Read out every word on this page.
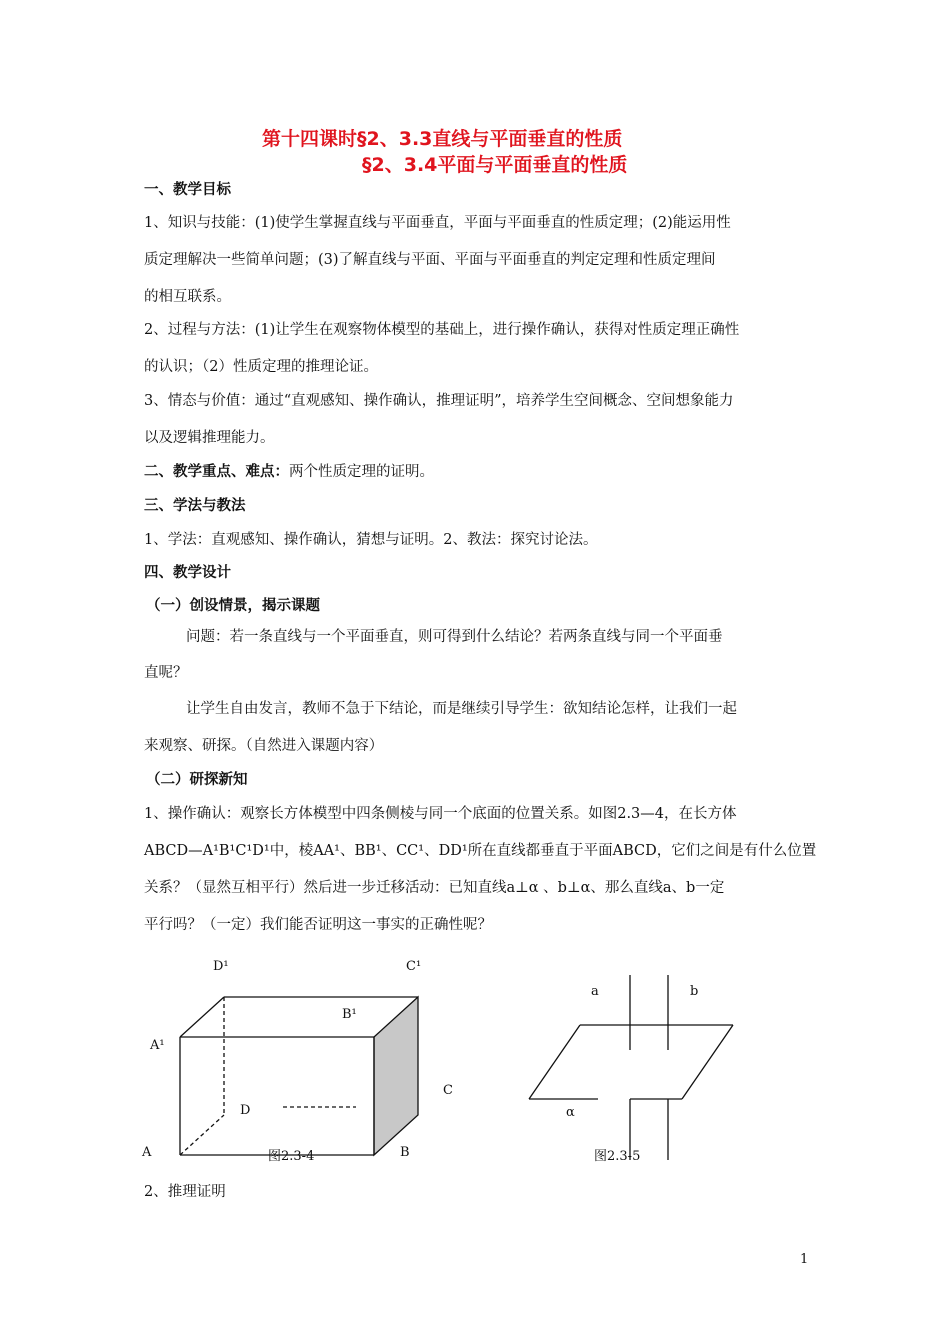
第十四课时§2、3.3直线与平面垂直的性质
§2、3.4平面与平面垂直的性质
一、教学目标
1、知识与技能：(1)使学生掌握直线与平面垂直，平面与平面垂直的性质定理；(2)能运用性
质定理解决一些简单问题；(3)了解直线与平面、平面与平面垂直的判定定理和性质定理间
的相互联系。
2、过程与方法：(1)让学生在观察物体模型的基础上，进行操作确认，获得对性质定理正确性
的认识；（2）性质定理的推理论证。
3、情态与价值：通过“直观感知、操作确认，推理证明”，培养学生空间概念、空间想象能力
以及逻辑推理能力。
二、教学重点、难点：两个性质定理的证明。
三、学法与教法
1、学法：直观感知、操作确认，猜想与证明。2、教法：探究讨论法。
四、教学设计
（一）创设情景，揭示课题
问题：若一条直线与一个平面垂直，则可得到什么结论？若两条直线与同一个平面垂
直呢？
让学生自由发言，教师不急于下结论，而是继续引导学生：欲知结论怎样，让我们一起
来观察、研探。（自然进入课题内容）
（二）研探新知
1、操作确认：观察长方体模型中四条侧棱与同一个底面的位置关系。如图2.3—4，在长方体
ABCD—A¹B¹C¹D¹中，棱AA¹、BB¹、CC¹、DD¹所在直线都垂直于平面ABCD，它们之间是有什么位置
关系？（显然互相平行）然后进一步迁移活动：已知直线a⊥α 、b⊥α、那么直线a、b一定
平行吗？（一定）我们能否证明这一事实的正确性呢？
D¹	C¹
B¹
A¹
D
C
A	B
图2.3-4
a	b
α
图2.3-5
2、推理证明
1
